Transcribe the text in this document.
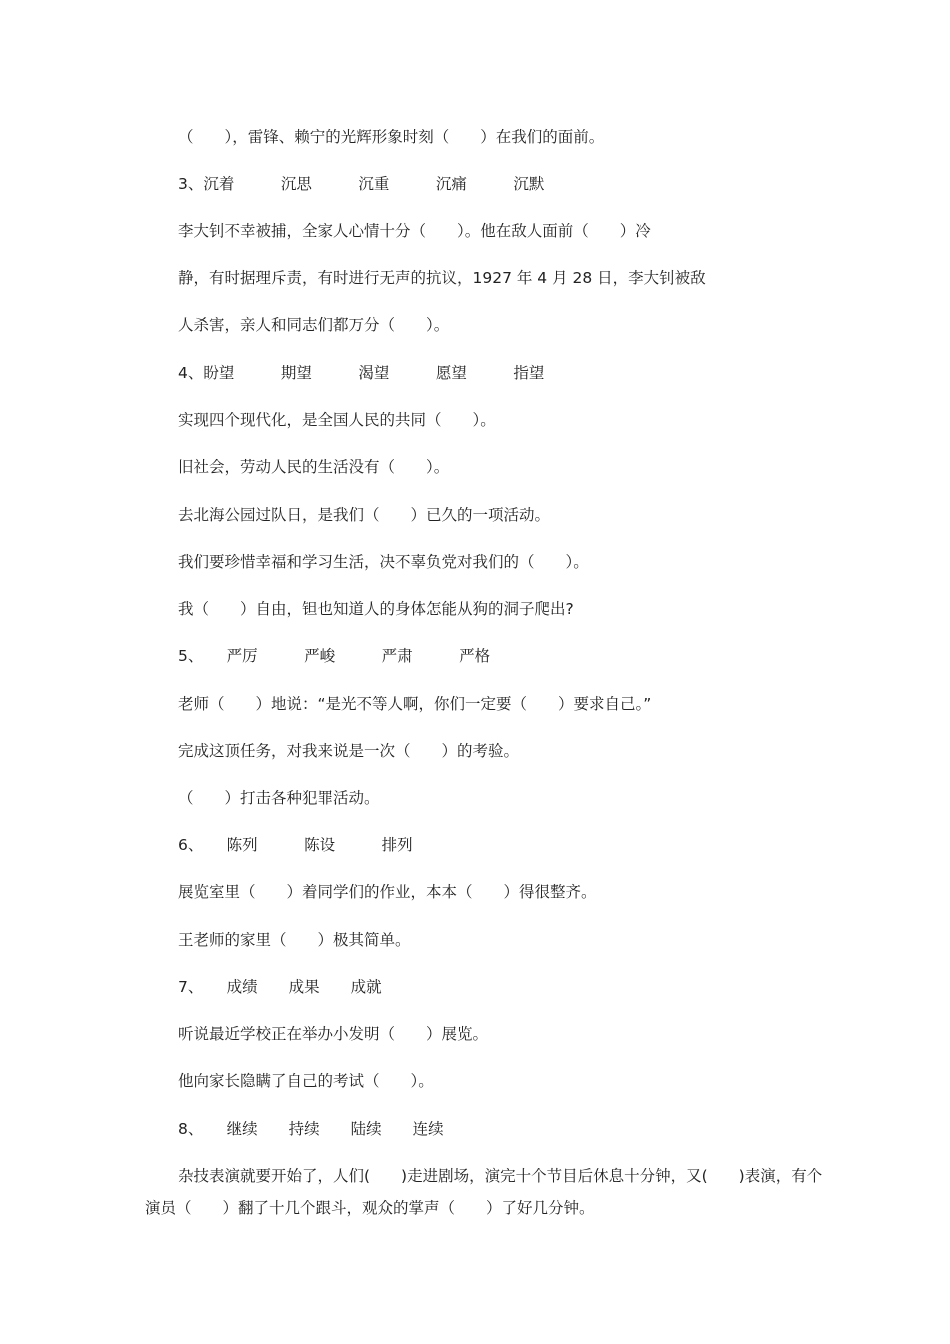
（　　），雷锋、赖宁的光辉形象时刻（　　）在我们的面前。

3、沉着　　　沉思　　　沉重　　　沉痛　　　沉默

李大钊不幸被捕，全家人心情十分（　　）。他在敌人面前（　　）冷

静，有时据理斥责，有时进行无声的抗议，1927 年 4 月 28 日，李大钊被敌

人杀害，亲人和同志们都万分（　　）。

4、盼望　　　期望　　　渴望　　　愿望　　　指望

实现四个现代化，是全国人民的共同（　　）。

旧社会，劳动人民的生活没有（　　）。

去北海公园过队日，是我们（　　）已久的一项活动。

我们要珍惜幸福和学习生活，决不辜负党对我们的（　　）。

我（　　）自由，钽也知道人的身体怎能从狗的洞子爬出?

5、　　严厉　　　严峻　　　严肃　　　严格

老师（　　）地说：“是光不等人啊，你们一定要（　　）要求自己。”

完成这顶任务，对我来说是一次（　　）的考验。

（　　）打击各种犯罪活动。

6、　　陈列　　　陈设　　　排列

展览室里（　　）着同学们的作业，本本（　　）得很整齐。

王老师的家里（　　）极其简单。

7、　　成绩　　成果　　成就

听说最近学校正在举办小发明（　　）展览。

他向家长隐瞒了自己的考试（　　）。

8、　　继续　　持续　　陆续　　连续

杂技表演就要开始了，人们(　　)走进剧场，演完十个节目后休息十分钟，又(　　)表演，有个演员（　　）翻了十几个跟斗，观众的掌声（　　）了好几分钟。
